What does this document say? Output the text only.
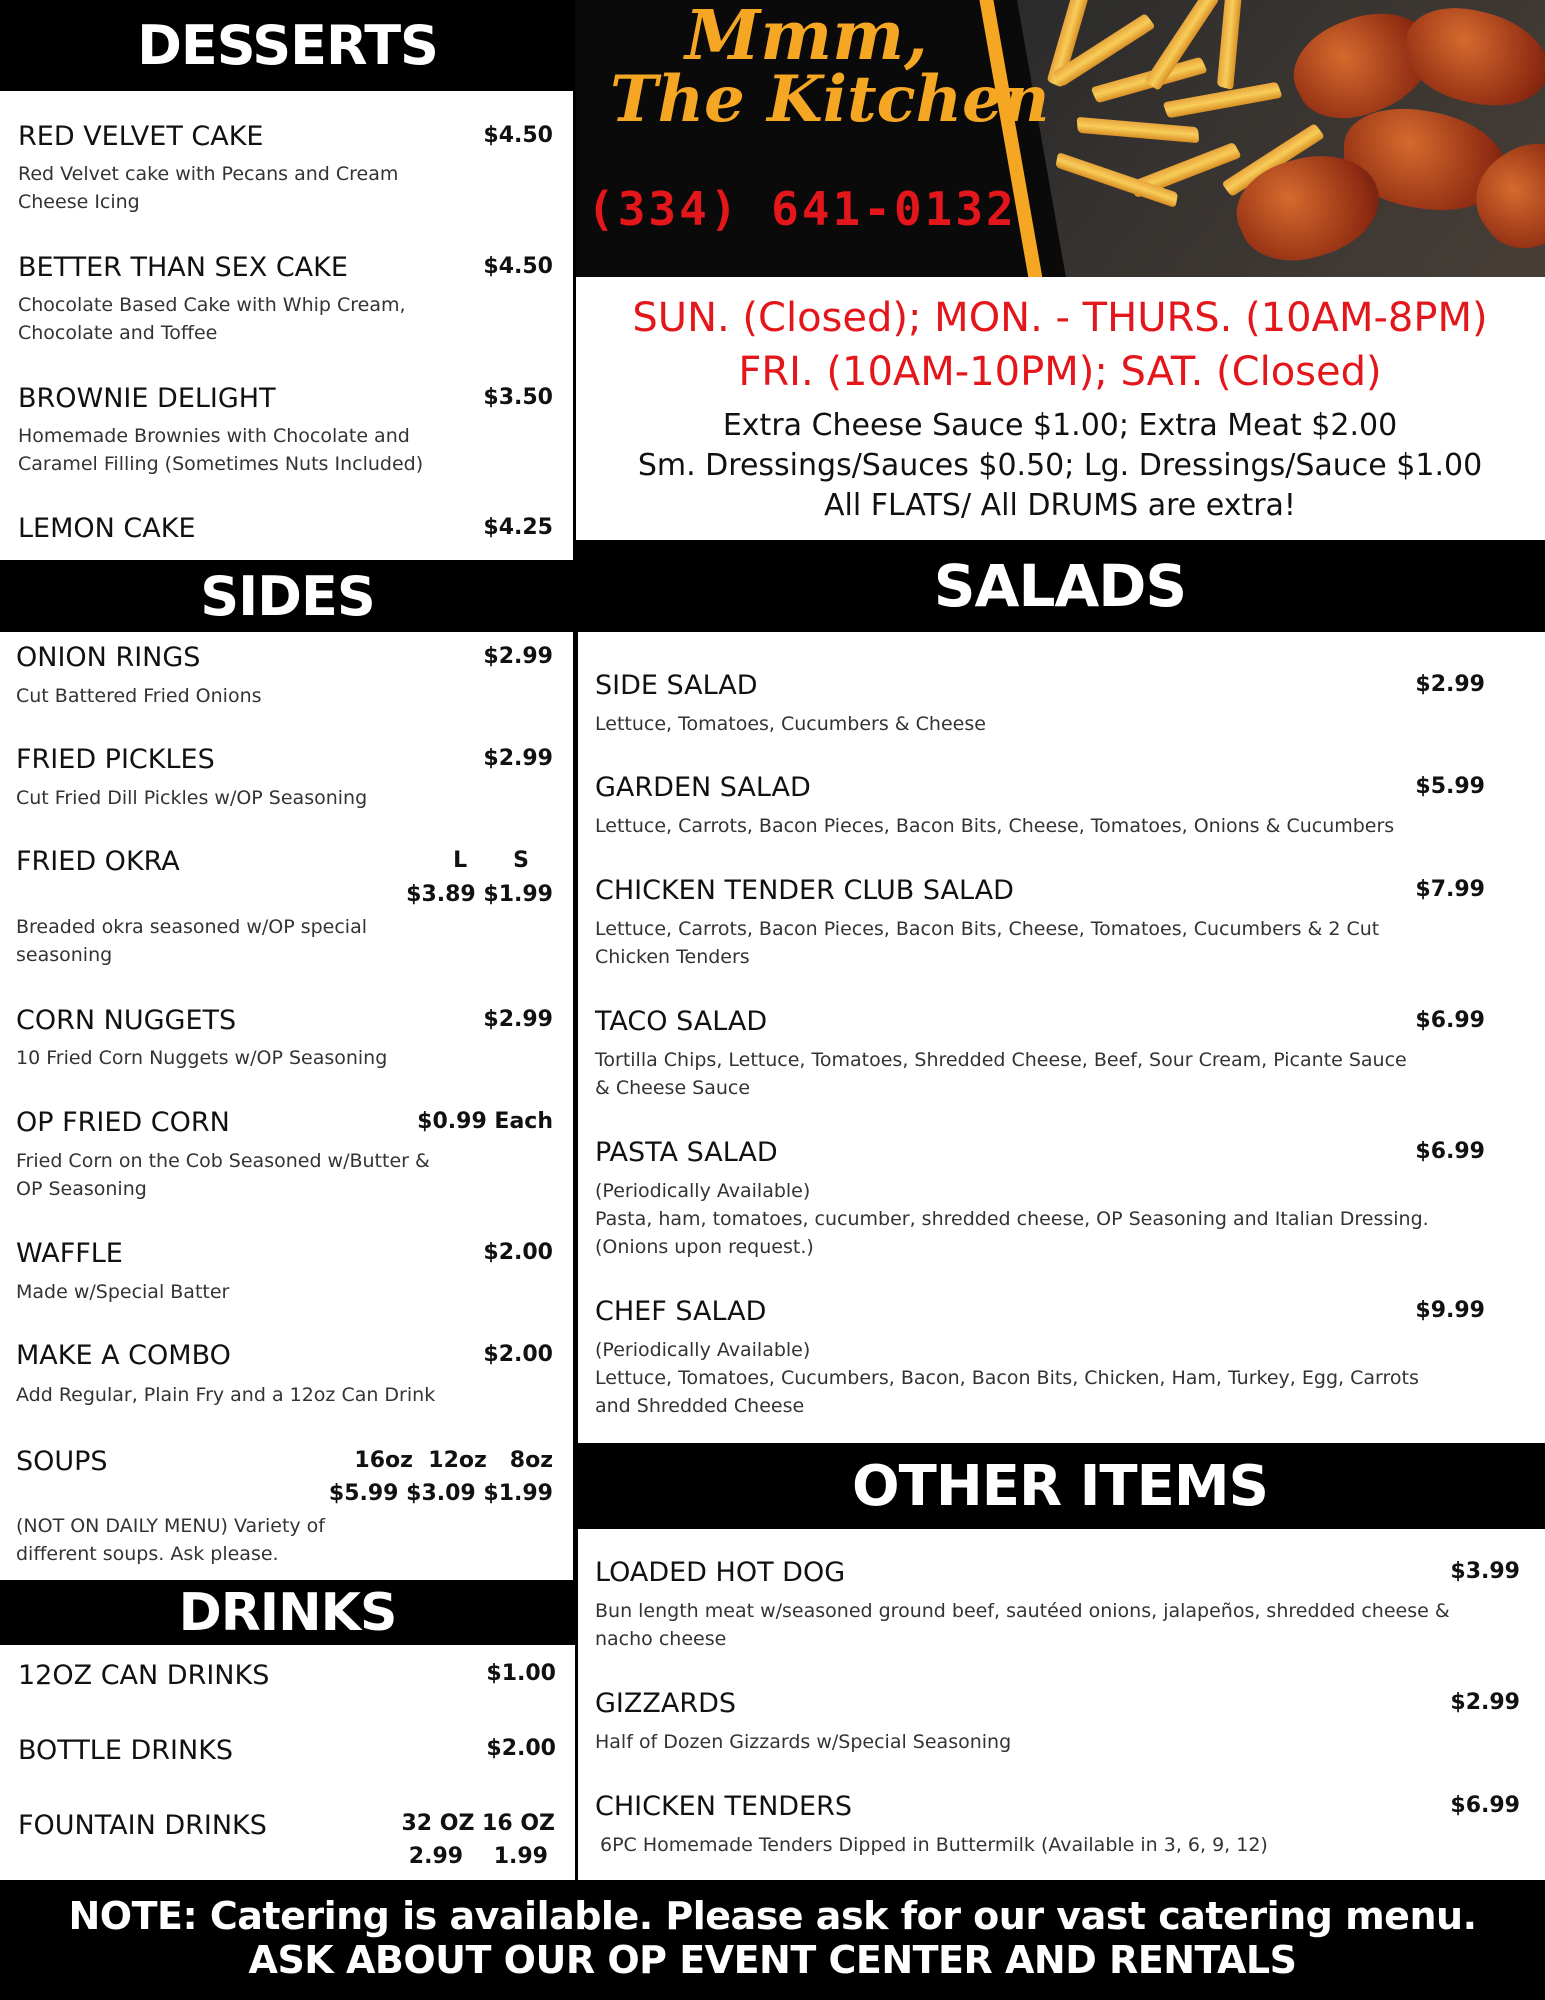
Mmm,
The Kitchen
(334) 641-0132
SUN. (Closed); MON. - THURS. (10AM-8PM)
FRI. (10AM-10PM); SAT. (Closed)
Extra Cheese Sauce $1.00; Extra Meat $2.00
Sm. Dressings/Sauces $0.50; Lg. Dressings/Sauce $1.00
All FLATS/ All DRUMS are extra!
DESSERTS
RED VELVET CAKE	$4.50
Red Velvet cake with Pecans and Cream Cheese Icing
BETTER THAN SEX CAKE	$4.50
Chocolate Based Cake with Whip Cream, Chocolate and Toffee
BROWNIE DELIGHT	$3.50
Homemade Brownies with Chocolate and Caramel Filling (Sometimes Nuts Included)
LEMON CAKE	$4.25
SIDES
ONION RINGS	$2.99
Cut Battered Fried Onions
FRIED PICKLES	$2.99
Cut Fried Dill Pickles w/OP Seasoning
FRIED OKRA	L      S
$3.89 $1.99
Breaded okra seasoned w/OP special seasoning
CORN NUGGETS	$2.99
10 Fried Corn Nuggets w/OP Seasoning
OP FRIED CORN	$0.99 Each
Fried Corn on the Cob Seasoned w/Butter & OP Seasoning
WAFFLE	$2.00
Made w/Special Batter
MAKE A COMBO	$2.00
Add Regular, Plain Fry and a 12oz Can Drink
SOUPS	16oz  12oz   8oz
$5.99 $3.09 $1.99
(NOT ON DAILY MENU) Variety of different soups. Ask please.
DRINKS
12OZ CAN DRINKS	$1.00
BOTTLE DRINKS	$2.00
FOUNTAIN DRINKS	32 OZ 16 OZ
2.99    1.99
SALADS
SIDE SALAD	$2.99
Lettuce, Tomatoes, Cucumbers & Cheese
GARDEN SALAD	$5.99
Lettuce, Carrots, Bacon Pieces, Bacon Bits, Cheese, Tomatoes, Onions & Cucumbers
CHICKEN TENDER CLUB SALAD	$7.99
Lettuce, Carrots, Bacon Pieces, Bacon Bits, Cheese, Tomatoes, Cucumbers & 2 Cut Chicken Tenders
TACO SALAD	$6.99
Tortilla Chips, Lettuce, Tomatoes, Shredded Cheese, Beef, Sour Cream, Picante Sauce & Cheese Sauce
PASTA SALAD	$6.99
(Periodically Available)
Pasta, ham, tomatoes, cucumber, shredded cheese, OP Seasoning and Italian Dressing. (Onions upon request.)
CHEF SALAD	$9.99
(Periodically Available)
Lettuce, Tomatoes, Cucumbers, Bacon, Bacon Bits, Chicken, Ham, Turkey, Egg, Carrots and Shredded Cheese
OTHER ITEMS
LOADED HOT DOG	$3.99
Bun length meat w/seasoned ground beef, sautéed onions, jalapeños, shredded cheese & nacho cheese
GIZZARDS	$2.99
Half of Dozen Gizzards w/Special Seasoning
CHICKEN TENDERS	$6.99
6PC Homemade Tenders Dipped in Buttermilk (Available in 3, 6, 9, 12)
NOTE: Catering is available. Please ask for our vast catering menu.
ASK ABOUT OUR OP EVENT CENTER AND RENTALS
